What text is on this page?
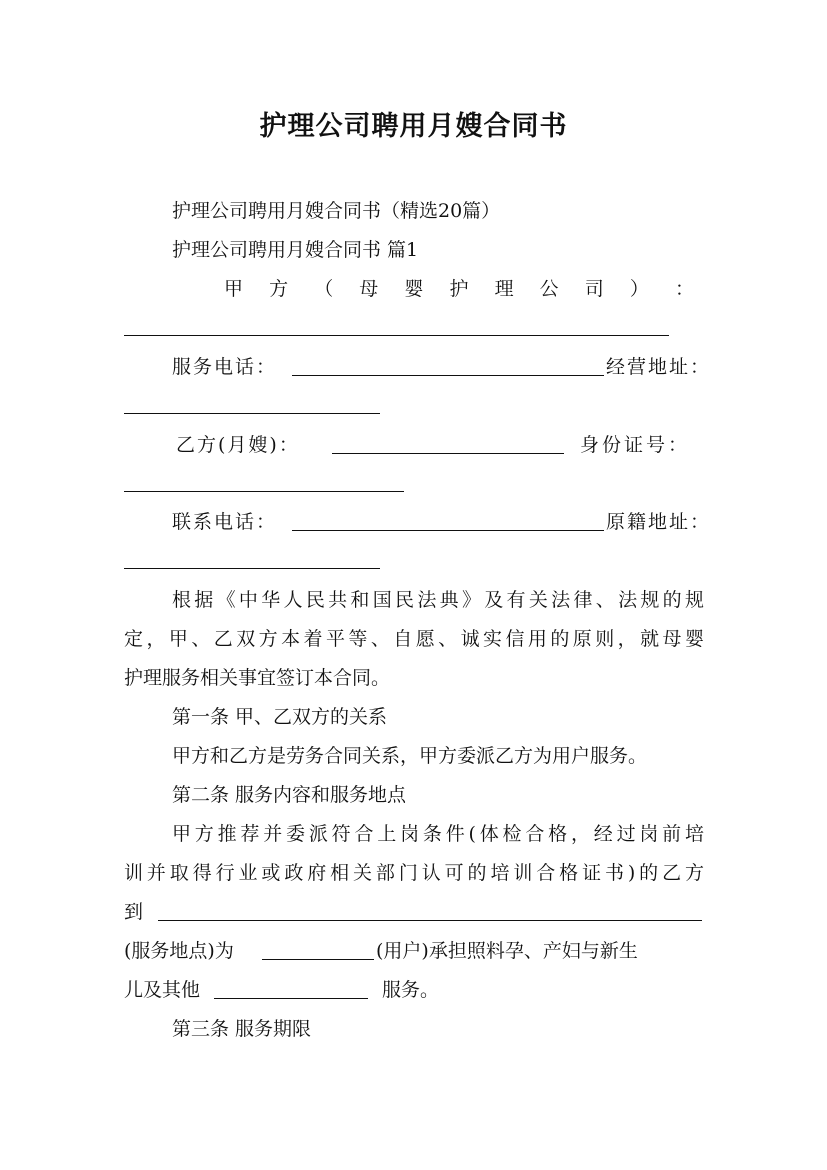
护理公司聘用月嫂合同书
护理公司聘用月嫂合同书（精选20篇）
护理公司聘用月嫂合同书 篇1
甲 方 （ 母 婴 护 理 公 司 ） ：
服务电话：	经营地址：
乙方(月嫂)：	身份证号：
联系电话：	原籍地址：
根据《中华人民共和国民法典》及有关法律、法规的规
定，甲、乙双方本着平等、自愿、诚实信用的原则，就母婴
护理服务相关事宜签订本合同。
第一条 甲、乙双方的关系
甲方和乙方是劳务合同关系，甲方委派乙方为用户服务。
第二条 服务内容和服务地点
甲方推荐并委派符合上岗条件(体检合格，经过岗前培
训并取得行业或政府相关部门认可的培训合格证书)的乙方
到
(服务地点)为	(用户)承担照料孕、产妇与新生
儿及其他	服务。
第三条 服务期限
